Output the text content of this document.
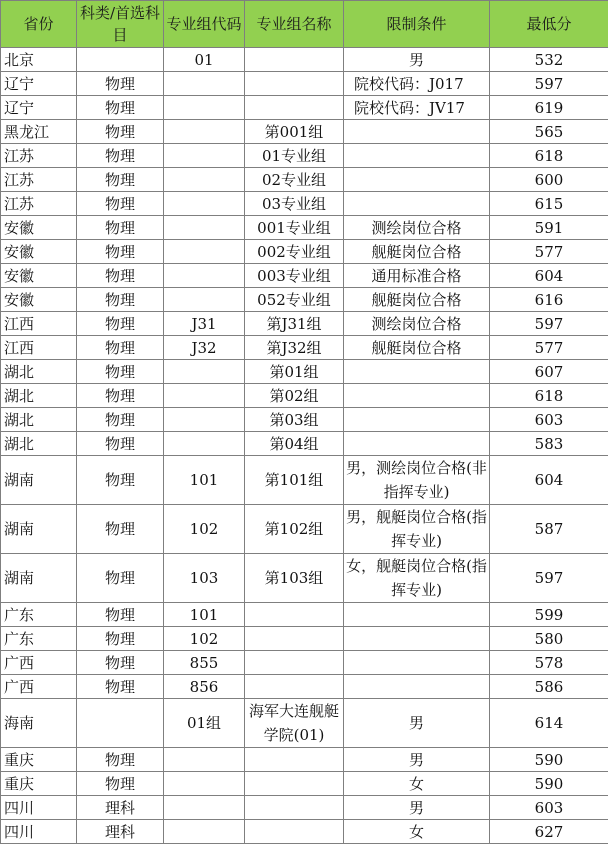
省份	科类/首选科目	专业组代码	专业组名称	限制条件	最低分
北京		01		男	532
辽宁	物理			院校代码：J017	597
辽宁	物理			院校代码：JV17	619
黑龙江	物理		第001组		565
江苏	物理		01专业组		618
江苏	物理		02专业组		600
江苏	物理		03专业组		615
安徽	物理		001专业组	测绘岗位合格	591
安徽	物理		002专业组	舰艇岗位合格	577
安徽	物理		003专业组	通用标准合格	604
安徽	物理		052专业组	舰艇岗位合格	616
江西	物理	J31	第J31组	测绘岗位合格	597
江西	物理	J32	第J32组	舰艇岗位合格	577
湖北	物理		第01组		607
湖北	物理		第02组		618
湖北	物理		第03组		603
湖北	物理		第04组		583
湖南	物理	101	第101组	男，测绘岗位合格(非指挥专业)	604
湖南	物理	102	第102组	男，舰艇岗位合格(指挥专业)	587
湖南	物理	103	第103组	女，舰艇岗位合格(指挥专业)	597
广东	物理	101			599
广东	物理	102			580
广西	物理	855			578
广西	物理	856			586
海南		01组	海军大连舰艇学院(01)	男	614
重庆	物理			男	590
重庆	物理			女	590
四川	理科			男	603
四川	理科			女	627
